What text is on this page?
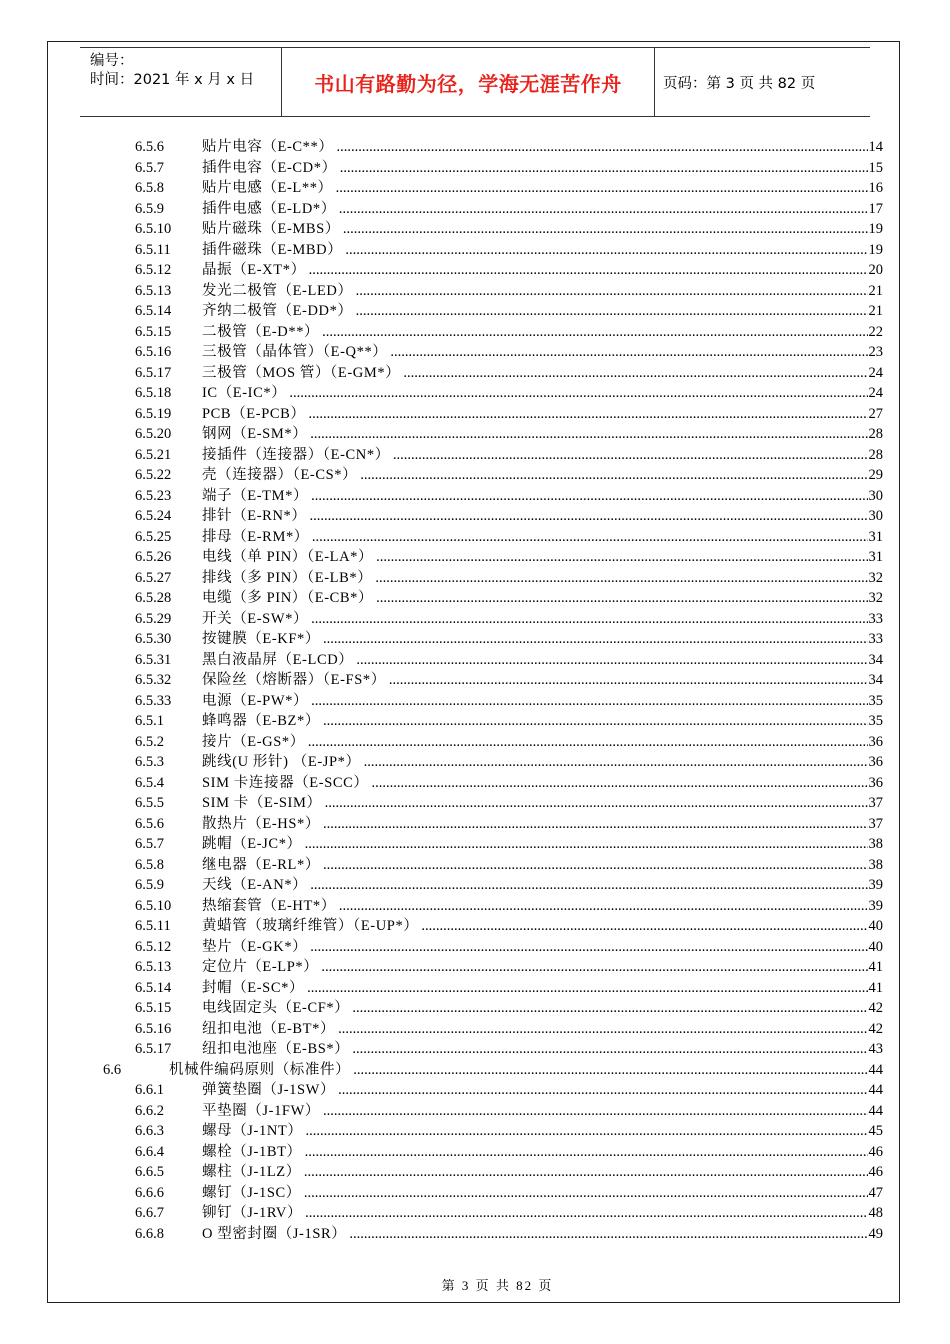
编号：
时间：2021 年 x 月 x 日	书山有路勤为径，学海无涯苦作舟	页码：第 3 页 共 82 页
6.5.6	贴片电容（E-C**） .....	14
6.5.7	插件电容（E-CD*） .....	15
6.5.8	贴片电感（E-L**） .....	16
6.5.9	插件电感（E-LD*） .....	17
6.5.10	贴片磁珠（E-MBS） .....	19
6.5.11	插件磁珠（E-MBD） .....	19
6.5.12	晶振（E-XT*） .....	20
6.5.13	发光二极管（E-LED） .....	21
6.5.14	齐纳二极管（E-DD*） .....	21
6.5.15	二极管（E-D**） .....	22
6.5.16	三极管（晶体管）（E-Q**） .....	23
6.5.17	三极管（MOS 管）（E-GM*） .....	24
6.5.18	IC（E-IC*） .....	24
6.5.19	PCB（E-PCB） .....	27
6.5.20	钢网（E-SM*） .....	28
6.5.21	接插件（连接器）（E-CN*） .....	28
6.5.22	壳（连接器）（E-CS*） .....	29
6.5.23	端子（E-TM*） .....	30
6.5.24	排针（E-RN*） .....	30
6.5.25	排母（E-RM*） .....	31
6.5.26	电线（单 PIN）（E-LA*） .....	31
6.5.27	排线（多 PIN）（E-LB*） .....	32
6.5.28	电缆（多 PIN）（E-CB*） .....	32
6.5.29	开关（E-SW*） .....	33
6.5.30	按键膜（E-KF*） .....	33
6.5.31	黑白液晶屏（E-LCD） .....	34
6.5.32	保险丝（熔断器）（E-FS*） .....	34
6.5.33	电源（E-PW*） .....	35
6.5.1	蜂鸣器（E-BZ*） .....	35
6.5.2	接片（E-GS*） .....	36
6.5.3	跳线(U 形针) （E-JP*） .....	36
6.5.4	SIM 卡连接器（E-SCC） .....	36
6.5.5	SIM 卡（E-SIM） .....	37
6.5.6	散热片（E-HS*） .....	37
6.5.7	跳帽（E-JC*） .....	38
6.5.8	继电器（E-RL*） .....	38
6.5.9	天线（E-AN*） .....	39
6.5.10	热缩套管（E-HT*） .....	39
6.5.11	黄蜡管（玻璃纤维管）（E-UP*） .....	40
6.5.12	垫片（E-GK*） .....	40
6.5.13	定位片（E-LP*） .....	41
6.5.14	封帽（E-SC*） .....	41
6.5.15	电线固定头（E-CF*） .....	42
6.5.16	纽扣电池（E-BT*） .....	42
6.5.17	纽扣电池座（E-BS*） .....	43
6.6	机械件编码原则（标准件） .....	44
6.6.1	弹簧垫圈（J-1SW） .....	44
6.6.2	平垫圈（J-1FW） .....	44
6.6.3	螺母（J-1NT） .....	45
6.6.4	螺栓（J-1BT） .....	46
6.6.5	螺柱（J-1LZ） .....	46
6.6.6	螺钉（J-1SC） .....	47
6.6.7	铆钉（J-1RV） .....	48
6.6.8	O 型密封圈（J-1SR） .....	49
第 3 页 共 82 页
